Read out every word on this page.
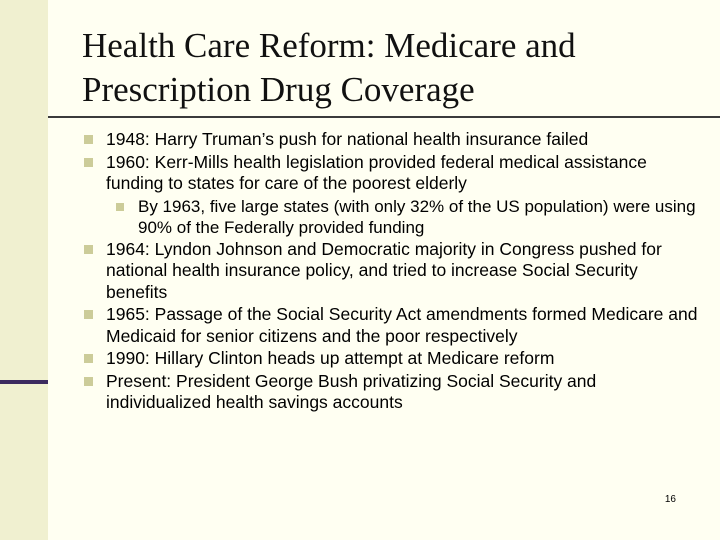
Health Care Reform: Medicare and Prescription Drug Coverage
1948: Harry Truman’s push for national health insurance failed
1960: Kerr-Mills health legislation provided federal medical assistance funding to states for care of the poorest elderly
By 1963, five large states (with only 32% of the US population) were using 90% of the Federally provided funding
1964: Lyndon Johnson and Democratic majority in Congress pushed for national health insurance policy, and tried to increase Social Security benefits
1965: Passage of the Social Security Act amendments formed Medicare and Medicaid for senior citizens and the poor respectively
1990: Hillary Clinton heads up attempt at Medicare reform
Present: President George Bush privatizing Social Security and individualized health savings accounts
16
